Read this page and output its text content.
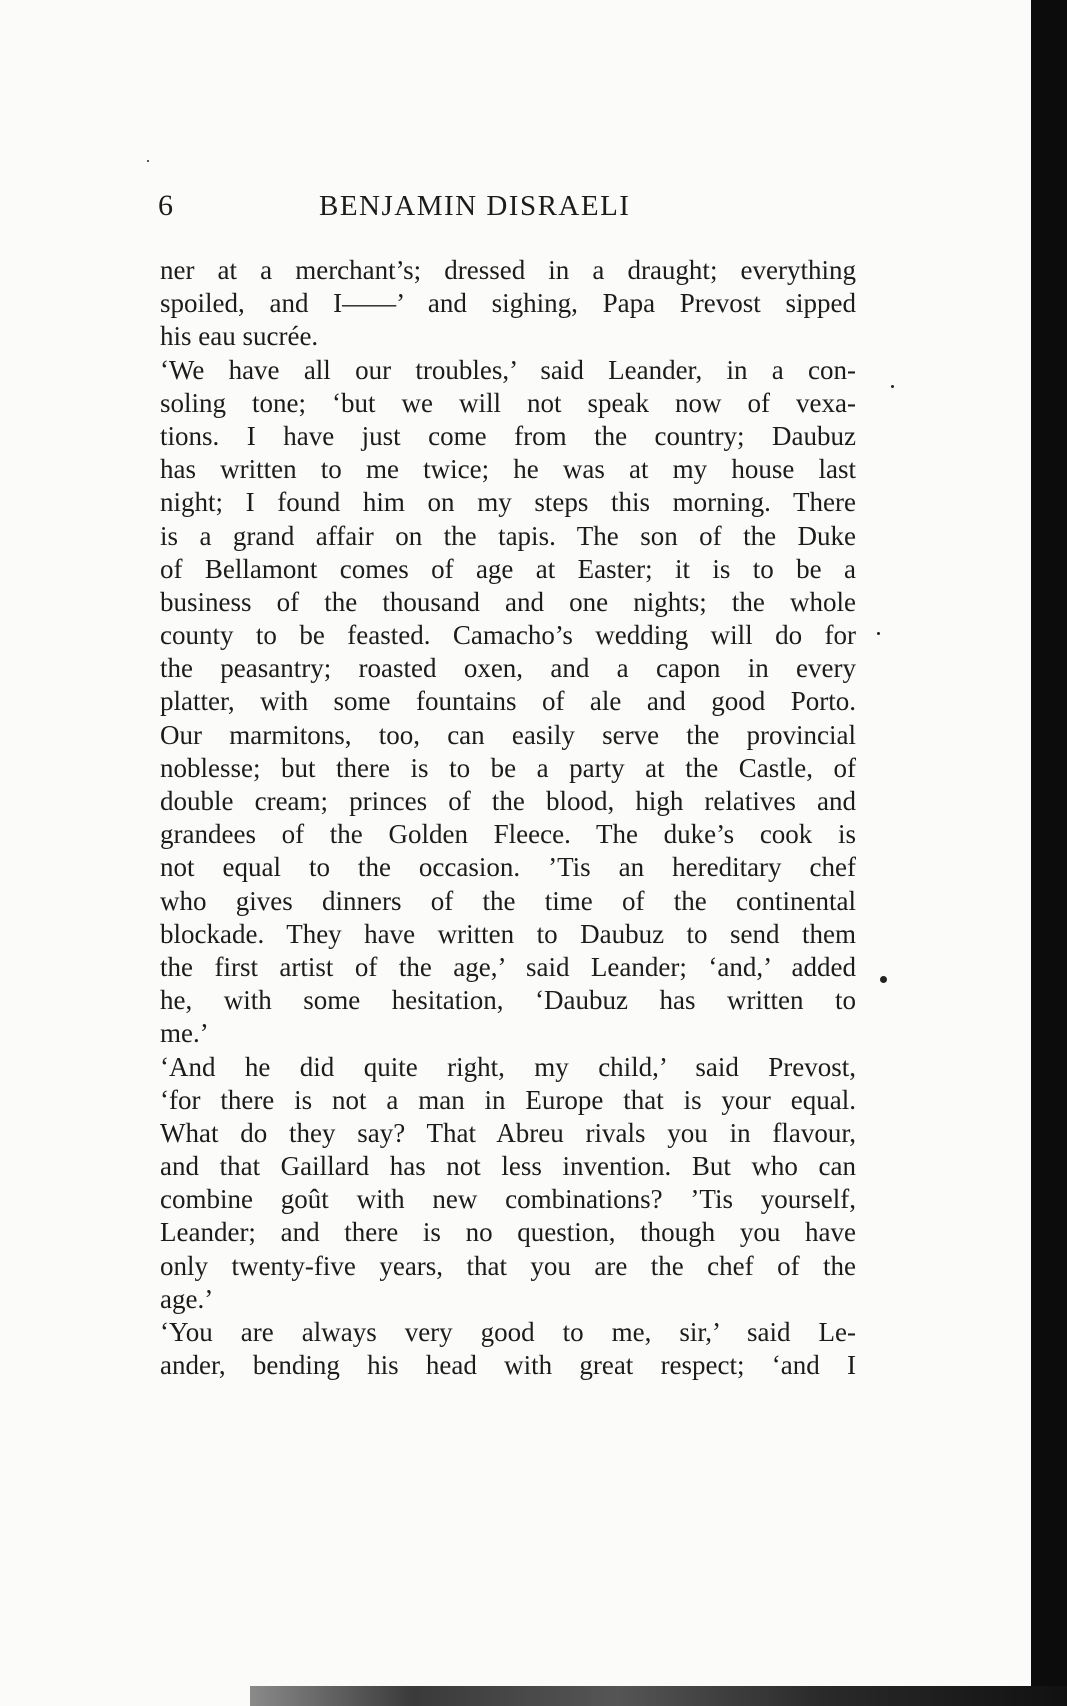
6	BENJAMIN DISRAELI
ner at a merchant’s; dressed in a draught; everything
spoiled, and I——’ and sighing, Papa Prevost sipped
his eau sucrée.
‘We have all our troubles,’ said Leander, in a con-
soling tone; ‘but we will not speak now of vexa-
tions. I have just come from the country; Daubuz
has written to me twice; he was at my house last
night; I found him on my steps this morning. There
is a grand affair on the tapis. The son of the Duke
of Bellamont comes of age at Easter; it is to be a
business of the thousand and one nights; the whole
county to be feasted. Camacho’s wedding will do for
the peasantry; roasted oxen, and a capon in every
platter, with some fountains of ale and good Porto.
Our marmitons, too, can easily serve the provincial
noblesse; but there is to be a party at the Castle, of
double cream; princes of the blood, high relatives and
grandees of the Golden Fleece. The duke’s cook is
not equal to the occasion. ’Tis an hereditary chef
who gives dinners of the time of the continental
blockade. They have written to Daubuz to send them
the first artist of the age,’ said Leander; ‘and,’ added
he, with some hesitation, ‘Daubuz has written to
me.’
‘And he did quite right, my child,’ said Prevost,
‘for there is not a man in Europe that is your equal.
What do they say? That Abreu rivals you in flavour,
and that Gaillard has not less invention. But who can
combine goût with new combinations? ’Tis yourself,
Leander; and there is no question, though you have
only twenty-five years, that you are the chef of the
age.’
‘You are always very good to me, sir,’ said Le-
ander, bending his head with great respect; ‘and I
